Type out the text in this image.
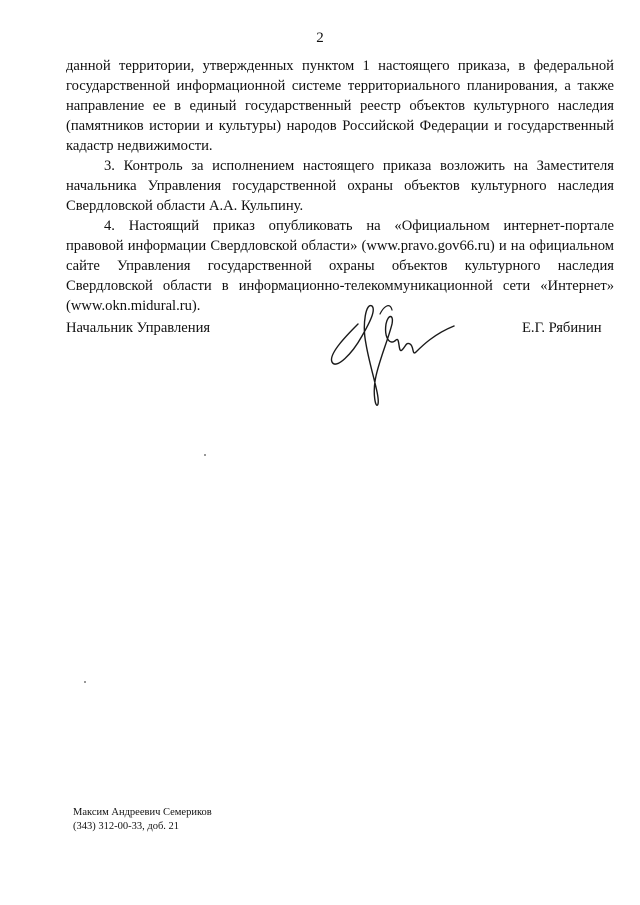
2

данной территории, утвержденных пунктом 1 настоящего приказа, в федеральной государственной информационной системе территориального планирования, а также направление ее в единый государственный реестр объектов культурного наследия (памятников истории и культуры) народов Российской Федерации и государственный кадастр недвижимости.

3. Контроль за исполнением настоящего приказа возложить на Заместителя начальника Управления государственной охраны объектов культурного наследия Свердловской области А.А. Кульпину.

4. Настоящий приказ опубликовать на «Официальном интернет-портале правовой информации Свердловской области» (www.pravo.gov66.ru) и на официальном сайте Управления государственной охраны объектов культурного наследия Свердловской области в информационно-телекоммуникационной сети «Интернет» (www.okn.midural.ru).

Начальник Управления	Е.Г. Рябинин
Максим Андреевич Семериков
(343) 312-00-33, доб. 21
